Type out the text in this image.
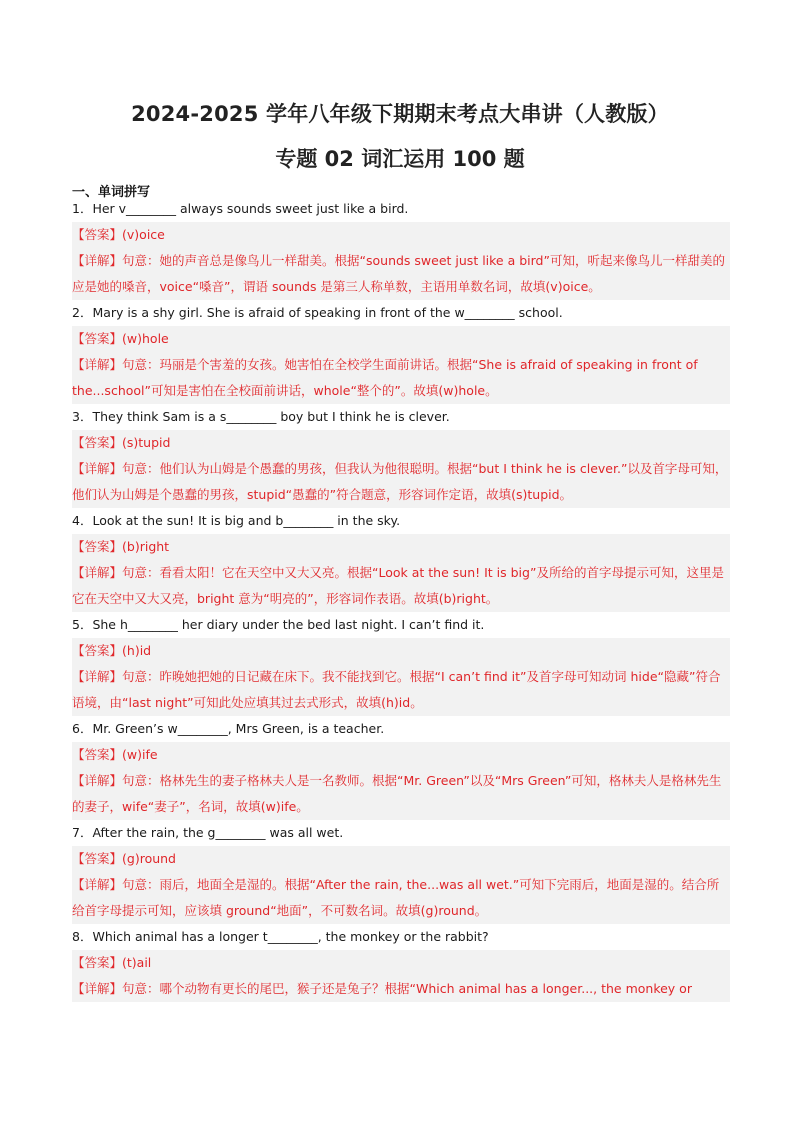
2024-2025 学年八年级下期期末考点大串讲（人教版）
专题 02 词汇运用 100 题
一、单词拼写
1．Her v________ always sounds sweet just like a bird.
【答案】(v)oice
【详解】句意：她的声音总是像鸟儿一样甜美。根据“sounds sweet just like a bird”可知，听起来像鸟儿一样甜美的应是她的嗓音，voice“嗓音”，谓语 sounds 是第三人称单数，主语用单数名词，故填(v)oice。
2．Mary is a shy girl. She is afraid of speaking in front of the w________ school.
【答案】(w)hole
【详解】句意：玛丽是个害羞的女孩。她害怕在全校学生面前讲话。根据“She is afraid of speaking in front of the...school”可知是害怕在全校面前讲话，whole“整个的”。故填(w)hole。
3．They think Sam is a s________ boy but I think he is clever.
【答案】(s)tupid
【详解】句意：他们认为山姆是个愚蠢的男孩，但我认为他很聪明。根据“but I think he is clever.”以及首字母可知，他们认为山姆是个愚蠢的男孩，stupid“愚蠢的”符合题意，形容词作定语，故填(s)tupid。
4．Look at the sun! It is big and b________ in the sky.
【答案】(b)right
【详解】句意：看看太阳！它在天空中又大又亮。根据“Look at the sun! It is big”及所给的首字母提示可知，这里是它在天空中又大又亮，bright 意为“明亮的”，形容词作表语。故填(b)right。
5．She h________ her diary under the bed last night. I can’t find it.
【答案】(h)id
【详解】句意：昨晚她把她的日记藏在床下。我不能找到它。根据“I can’t find it”及首字母可知动词 hide“隐藏”符合语境，由“last night”可知此处应填其过去式形式，故填(h)id。
6．Mr. Green’s w________, Mrs Green, is a teacher.
【答案】(w)ife
【详解】句意：格林先生的妻子格林夫人是一名教师。根据“Mr. Green”以及“Mrs Green”可知，格林夫人是格林先生的妻子，wife“妻子”，名词，故填(w)ife。
7．After the rain, the g________ was all wet.
【答案】(g)round
【详解】句意：雨后，地面全是湿的。根据“After the rain, the...was all wet.”可知下完雨后，地面是湿的。结合所给首字母提示可知，应该填 ground“地面”，不可数名词。故填(g)round。
8．Which animal has a longer t________, the monkey or the rabbit?
【答案】(t)ail
【详解】句意：哪个动物有更长的尾巴，猴子还是兔子？根据“Which animal has a longer..., the monkey or
